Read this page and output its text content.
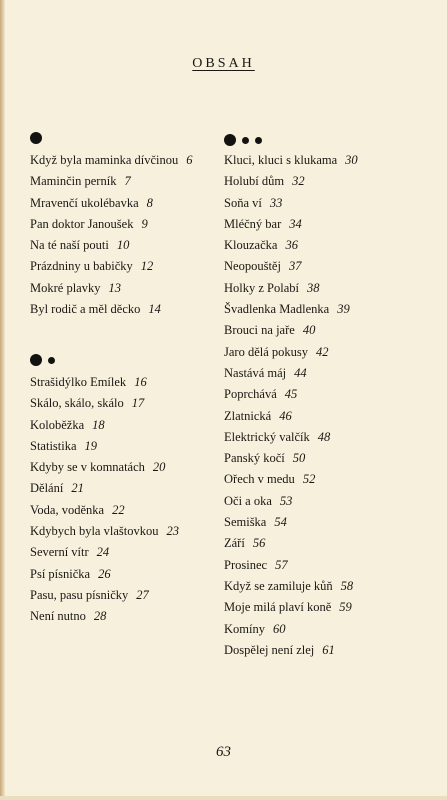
OBSAH
Když byla maminka dívčinou 6
Maminčin perník 7
Mravenčí ukolébavka 8
Pan doktor Janoušek 9
Na té naší pouti 10
Prázdniny u babičky 12
Mokré plavky 13
Byl rodič a měl děcko 14
Strašidýlko Emílek 16
Skálo, skálo, skálo 17
Koloběžka 18
Statistika 19
Kdyby se v komnatách 20
Dělání 21
Voda, voděnka 22
Kdybych byla vlaštovkou 23
Severní vítr 24
Psí písnička 26
Pasu, pasu písničky 27
Není nutno 28
Kluci, kluci s klukama 30
Holubí dům 32
Soňa ví 33
Mléčný bar 34
Klouzačka 36
Neopouštěj 37
Holky z Polabí 38
Švadlenka Madlenka 39
Brouci na jaře 40
Jaro dělá pokusy 42
Nastává máj 44
Poprchává 45
Zlatnická 46
Elektrický valčík 48
Panský kočí 50
Ořech v medu 52
Oči a oka 53
Semiška 54
Září 56
Prosinec 57
Když se zamiluje kůň 58
Moje milá plaví koně 59
Komíny 60
Dospělej není zlej 61
63
